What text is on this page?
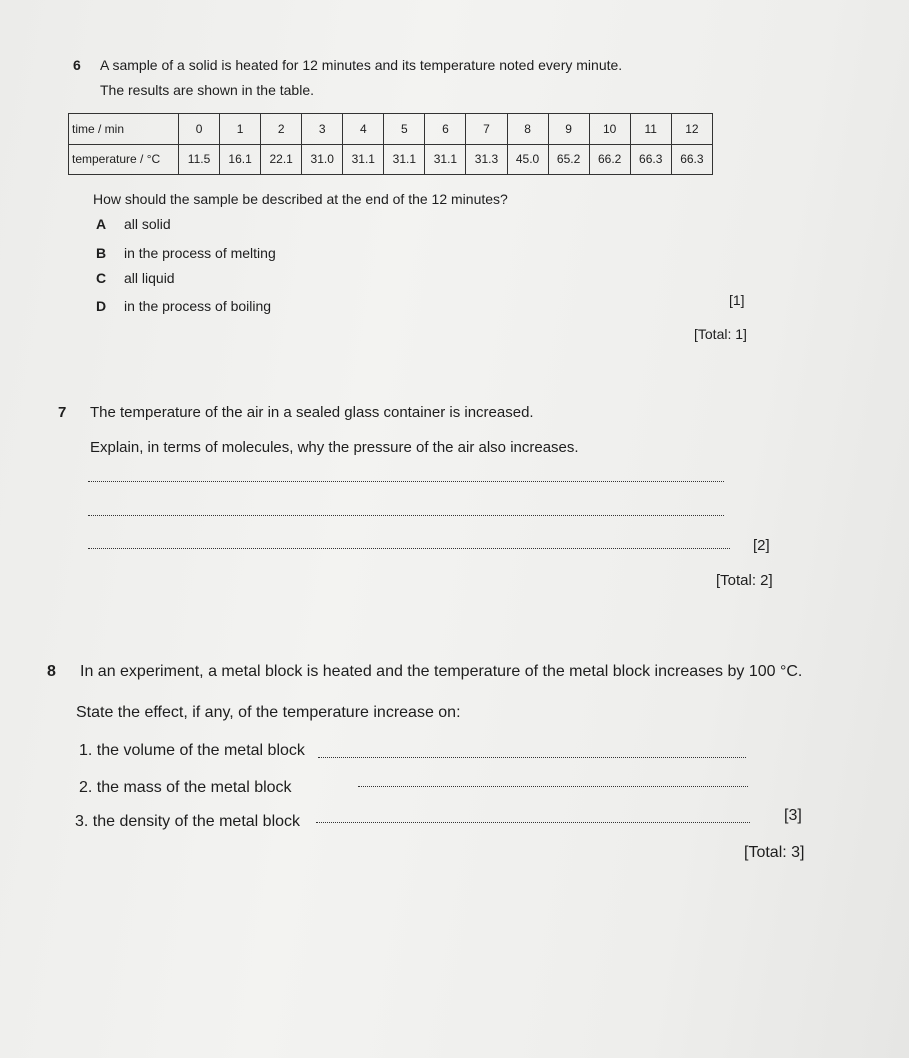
6 A sample of a solid is heated for 12 minutes and its temperature noted every minute.
The results are shown in the table.
time / min	0	1	2	3	4	5	6	7	8	9	10	11	12
temperature / °C	11.5	16.1	22.1	31.0	31.1	31.1	31.1	31.3	45.0	65.2	66.2	66.3	66.3
How should the sample be described at the end of the 12 minutes?
A all solid
B in the process of melting
C all liquid
D in the process of boiling	[1]
[Total: 1]
7 The temperature of the air in a sealed glass container is increased.
Explain, in terms of molecules, why the pressure of the air also increases.
[2]
[Total: 2]
8 In an experiment, a metal block is heated and the temperature of the metal block increases by 100 °C.
State the effect, if any, of the temperature increase on:
1. the volume of the metal block
2. the mass of the metal block
3. the density of the metal block	[3]
[Total: 3]
